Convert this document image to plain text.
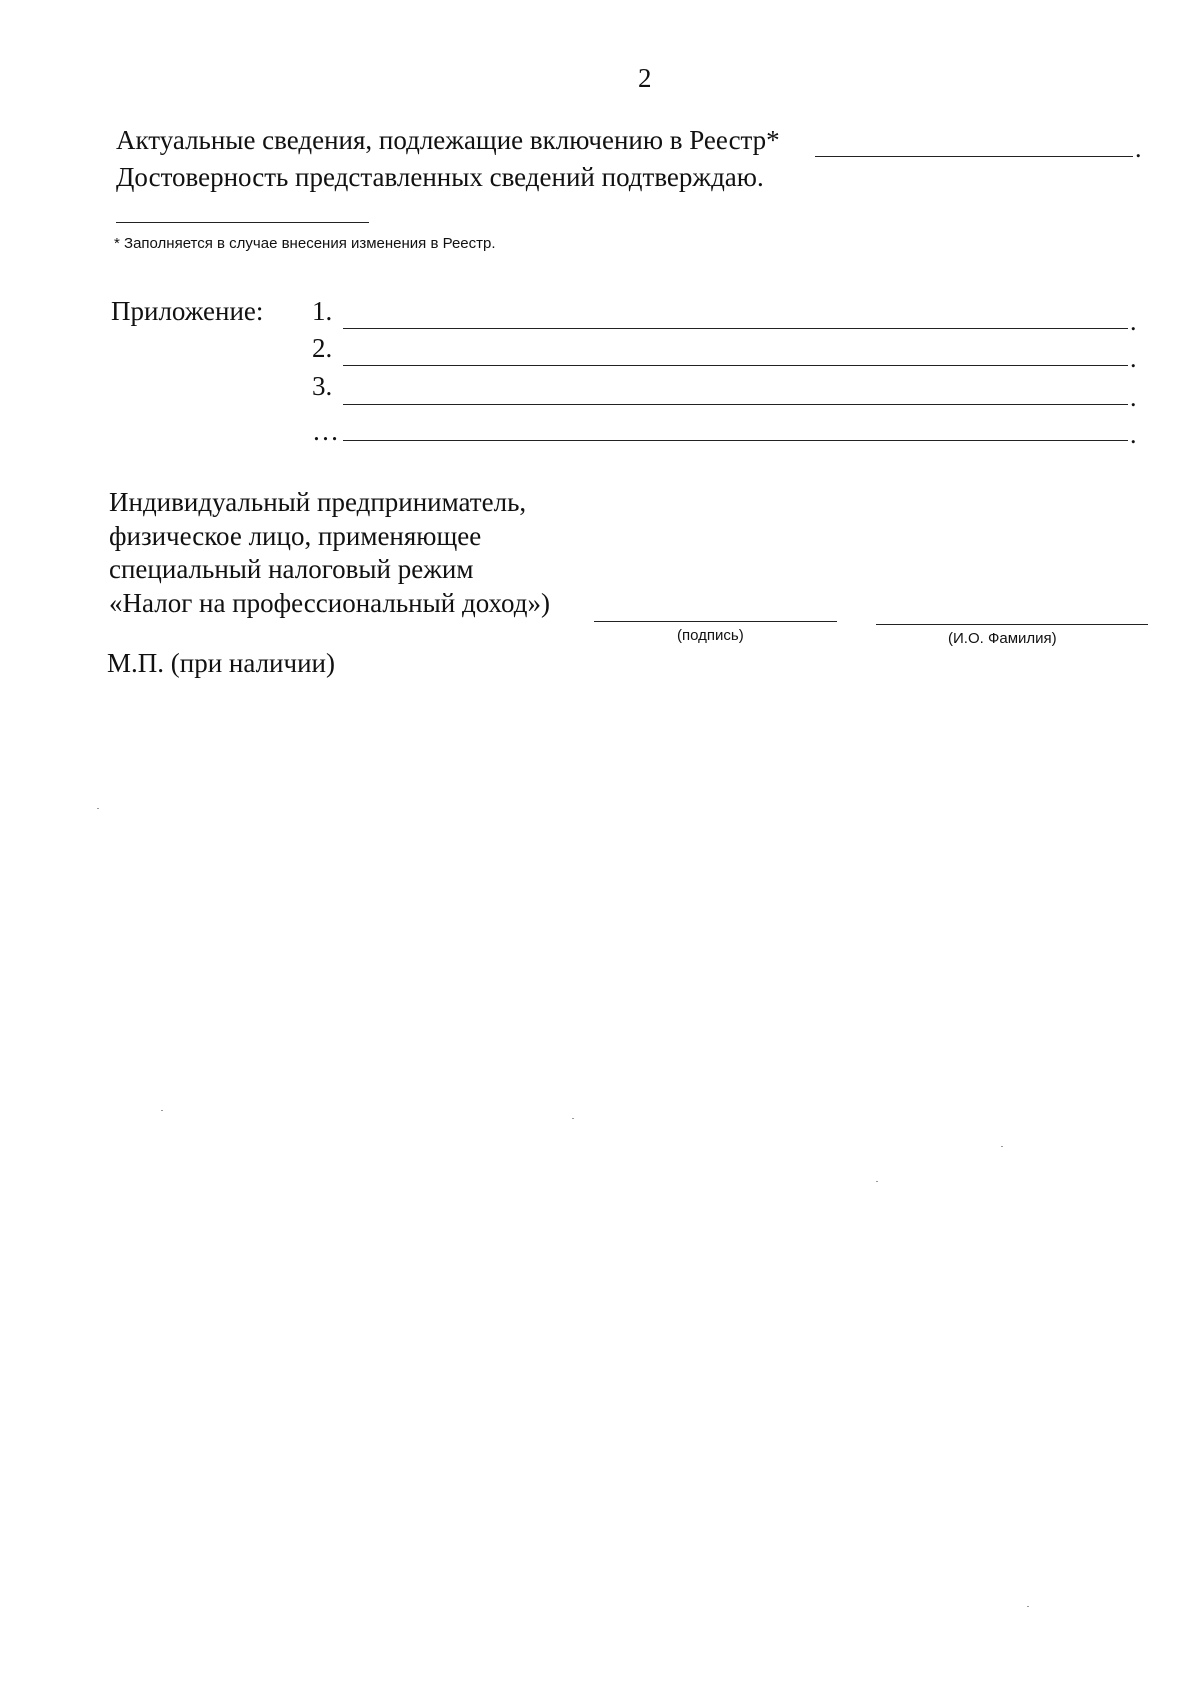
2
Актуальные сведения, подлежащие включению в Реестр*	.
Достоверность представленных сведений подтверждаю.
* Заполняется в случае внесения изменения в Реестр.
Приложение: 1.	.
2.	.
3.	.
…	.
Индивидуальный предприниматель,
физическое лицо, применяющее
специальный налоговый режим
«Налог на профессиональный доход»)
(подпись)	(И.О. Фамилия)
М.П. (при наличии)
